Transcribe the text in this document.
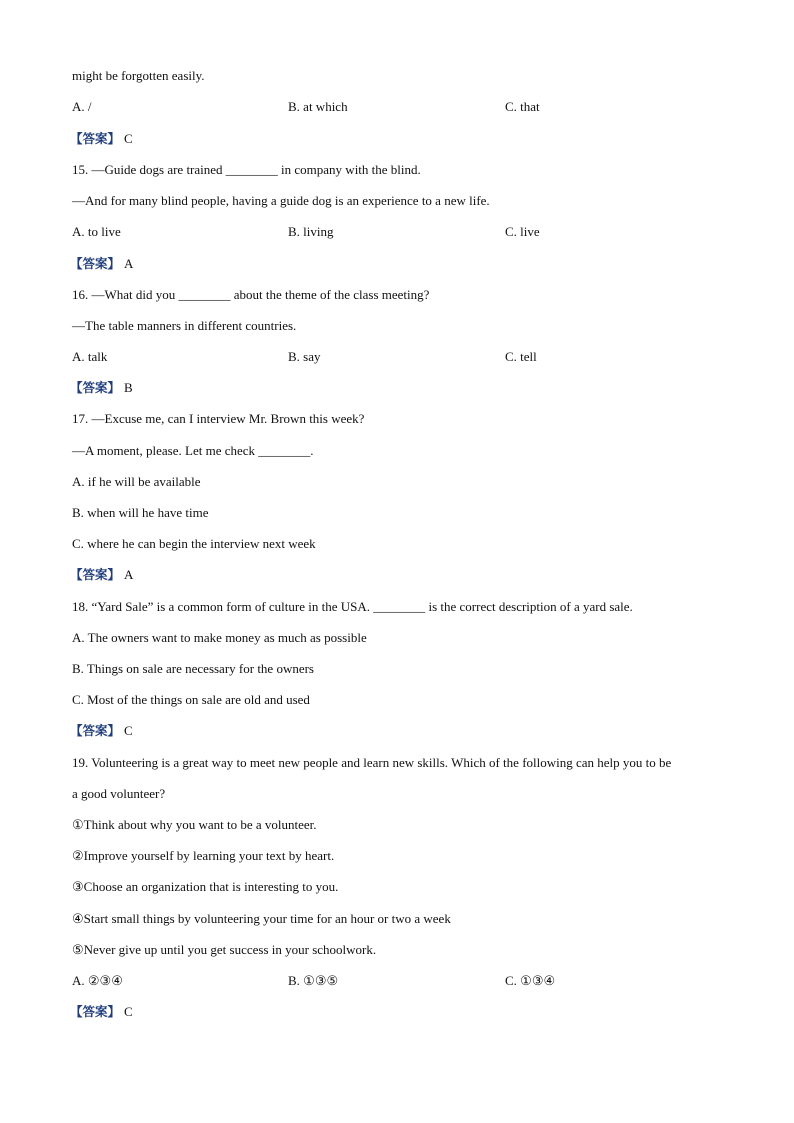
might be forgotten easily.
A. /	B. at which	C. that
【答案】 C
15. —Guide dogs are trained ________ in company with the blind.
—And for many blind people, having a guide dog is an experience to a new life.
A. to live	B. living	C. live
【答案】 A
16. —What did you ________ about the theme of the class meeting?
—The table manners in different countries.
A. talk	B. say	C. tell
【答案】 B
17. —Excuse me, can I interview Mr. Brown this week?
—A moment, please. Let me check ________.
A. if he will be available
B. when will he have time
C. where he can begin the interview next week
【答案】 A
18. “Yard Sale” is a common form of culture in the USA. ________ is the correct description of a yard sale.
A. The owners want to make money as much as possible
B. Things on sale are necessary for the owners
C. Most of the things on sale are old and used
【答案】 C
19. Volunteering is a great way to meet new people and learn new skills. Which of the following can help you to be
a good volunteer?
①Think about why you want to be a volunteer.
②Improve yourself by learning your text by heart.
③Choose an organization that is interesting to you.
④Start small things by volunteering your time for an hour or two a week
⑤Never give up until you get success in your schoolwork.
A. ②③④	B. ①③⑤	C. ①③④
【答案】 C
